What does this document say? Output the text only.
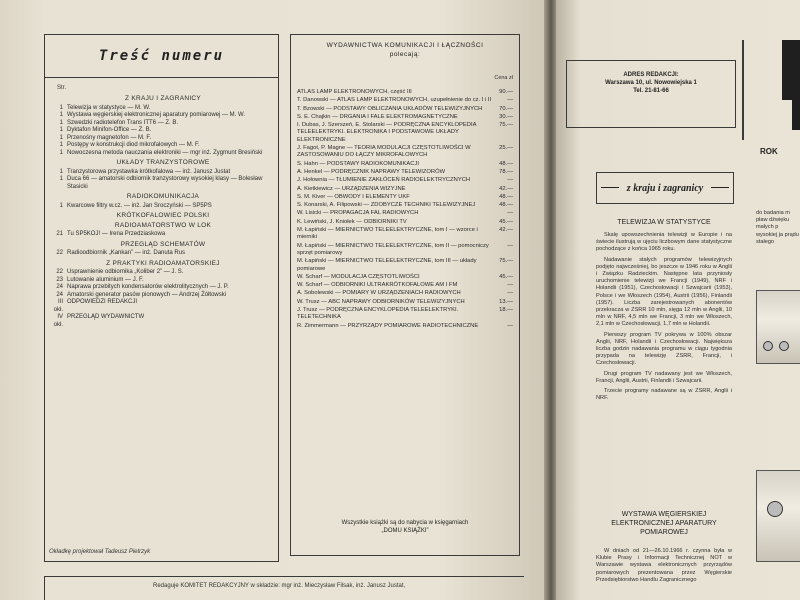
Treść numeru
Str.
Z KRAJU I ZAGRANICY
1 Telewizja w statystyce — M. W.
1 Wystawa węgierskiej elektronicznej aparatury pomiarowej — M. W.
1 Szwedzki radiotelefon Trans ITT6 — Z. B.
1 Dyktafon Minifon-Office — Z. B.
1 Przenośny magnetofon — M. F.
1 Postępy w konstrukcji diod mikrofalowych — M. F.
1 Nowoczesna metoda nauczania elektroniki — mgr inż. Zygmunt Bresiński
UKŁADY TRANZYSTOROWE
1 Tranzystorowa przystawka krótkofalowa — inż. Janusz Justat
1 Duca 66 — amatorski odbiornik tranzystorowy wysokiej klasy — Bolesław Stasicki
RADIOKOMUNIKACJA
1 Kwarcowe filtry w.cz. — inż. Jan Sroczyński — SP5PS
KRÓTKOFALOWIEC POLSKI
RADIOAMATORSTWO W LOK
21 Tu SP5KOJ! — Irena Przedziaskowa
PRZEGLĄD SCHEMATÓW
22 Radioodbiornik „Kankan” — inż. Danuta Rus
Z PRAKTYKI RADIOAMATORSKIEJ
22 Usprawnienie odbiornika „Koliber 2” — J. S.
23 Lutowanie aluminium — J. F.
24 Naprawa przebitych kondensatorów elektrolitycznych — J. P.
24 Amatorski generator pasów pionowych — Andrzej Żółtowski
III okł.
ODPOWIEDZI REDAKCJI
IV okł.
PRZEGLĄD WYDAWNICTW
Okładkę projektował Tadeusz Pietrzyk
WYDAWNICTWA KOMUNIKACJI I ŁĄCZNOŚCI
polecają:
Cena zł
ATLAS LAMP ELEKTRONOWYCH, część III	90.—
T. Danowski — ATLAS LAMP ELEKTRONOWYCH, uzupełnienie do cz. I i II	—
T. Bzowski — PODSTAWY OBLICZANIA UKŁADÓW TELEWIZYJNYCH	70.—
S. E. Chajkin — DRGANIA I FALE ELEKTROMAGNETYCZNE	30.—
I. Dubas, J. Szerszeń, E. Stolarski — PODRĘCZNA ENCYKLOPEDIA TELEELEKTRYKI. ELEKTRONIKA I PODSTAWOWE UKŁADY ELEKTRONICZNE
75.—
J. Fagot, P. Magne — TEORIA MODULACJI CZĘSTOTLIWOŚCI W ZASTOSOWANIU DO ŁĄCZY MIKROFALOWYCH
25.—
S. Hahn — PODSTAWY RADIOKOMUNIKACJI	48.—
A. Henkel — PODRĘCZNIK NAPRAWY TELEWIZORÓW	78.—
J. Hołownia — TŁUMIENIE ZAKŁÓCEŃ RADIOELEKTRYCZNYCH	—
A. Kietkiewicz — URZĄDZENIA WIZYJNE	42.—
S. M. Kiver — OBWODY I ELEMENTY UKF	48.—
S. Konarski, A. Filipowski — ZDOBYCZE TECHNIKI TELEWIZYJNEJ	48.—
W. Lisicki — PROPAGACJA FAL RADIOWYCH	—
K. Lewiński, J. Kniołek — ODBIORNIKI TV	45.—
M. Łapiński — MIERNICTWO TELEELEKTRYCZNE, tom I — wzorce i mierniki
42.—
M. Łapiński — MIERNICTWO TELEELEKTRYCZNE, tom II — pomocniczy sprzęt pomiarowy
—
M. Łapiński — MIERNICTWO TELEELEKTRYCZNE, tom III — układy pomiarowe
75.—
W. Scharf — MODULACJA CZĘSTOTLIWOŚCI	45.—
W. Scharf — ODBIORNIKI ULTRAKRÓTKOFALOWE AM I FM	—
A. Sobolewski — POMIARY W URZĄDZENIACH RADIOWYCH	—
W. Trusz — ABC NAPRAWY ODBIORNIKÓW TELEWIZYJNYCH	13.—
J. Trusz — PODRĘCZNA ENCYKLOPEDIA TELEELEKTRYKI. TELETECHNIKA
18.—
R. Zimmermann — PRZYRZĄDY POMIAROWE RADIOTECHNICZNE	—
Wszystkie książki są do nabycia w księgarniach
„DOMU KSIĄŻKI”
Redaguje KOMITET REDAKCYJNY w składzie: mgr inż. Mieczysław Filsak, inż. Janusz Justat,
ADRES REDAKCJI:
Warszawa 10, ul. Nowowiejska 1
Tel. 21-81-66
ROK
z kraju i zagranicy
TELEWIZJA W STATYSTYCE

Skalę upowszechnienia telewizji w Europie i na świecie ilustrują w ujęciu liczbowym dane statystyczne pochodzące z końca 1965 roku.

Nadawanie stałych programów telewizyjnych podjęto najwcześniej, bo jeszcze w 1946 roku w Anglii i Związku Radzieckim. Następne lata przyniosły uruchomienie telewizji we Francji (1949), NRF i Holandii (1951), Czechosłowacji i Szwajcarii (1953), Polsce i we Włoszech (1954), Austrii (1956), Finlandii (1957). Liczba zarejestrowanych abonentów przekracza w ZSRR 10 mln, sięga 12 mln w Anglii, 10 mln w NRF, 4,5 mln we Francji, 3 mln we Włoszech, 2,1 mln w Czechosłowacji, 1,7 mln w Holandii.

Pierwszy program TV pokrywa w 100% obszar Anglii, NRF, Holandii i Czechosłowacji. Największa liczba godzin nadawania programu w ciągu tygodnia przypada na telewizję ZSRR, Francji, i Czechosłowacji.

Drugi program TV nadawany jest we Włoszech, Francji, Anglii, Austrii, Finlandii i Szwajcarii.

Trzecie programy nadawane są w ZSRR, Anglii i NRF.

WYSTAWA WĘGIERSKIEJ ELEKTRONICZNEJ APARATURY POMIAROWEJ

W dniach od 21—26.10.1966 r. czynna była w Klubie Prasy i Informacji Technicznej NOT w Warszawie wystawa elektronicznych przyrządów pomiarowych prezentowana przez Węgierskie Przedsiębiorstwo Handlu Zagranicznego

do badania m pław dźwięku małych p wysokiej ja prądu stałego
